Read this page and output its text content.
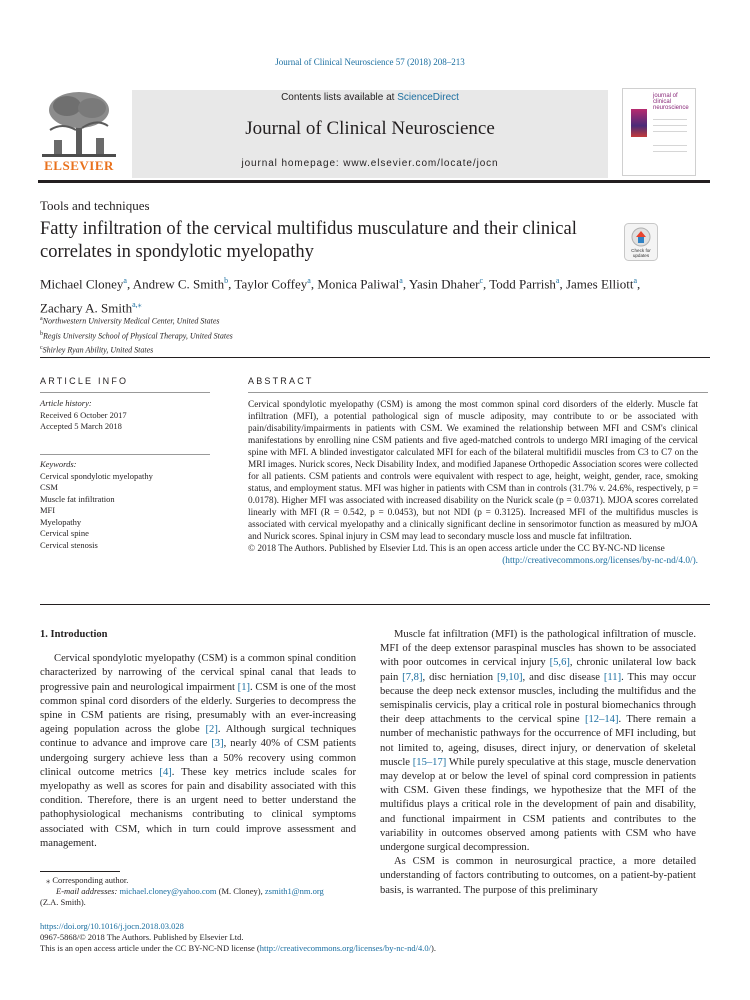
Journal of Clinical Neuroscience 57 (2018) 208–213
ELSEVIER
Contents lists available at ScienceDirect
Journal of Clinical Neuroscience
journal homepage: www.elsevier.com/locate/jocn
journal of
clinical
neuroscience
Tools and techniques
Fatty infiltration of the cervical multifidus musculature and their clinical correlates in spondylotic myelopathy	Check for
updates
Michael Cloney$^a$, Andrew C. Smith$^b$, Taylor Coffey$^a$, Monica Paliwal$^a$, Yasin Dhaher$^c$, Todd Parrish$^a$, James Elliott$^a$, Zachary A. Smith$^{a,⁎}$
$^a$Northwestern University Medical Center, United States
$^b$Regis University School of Physical Therapy, United States
$^c$Shirley Ryan Ability, United States
ARTICLE INFO
Article history:
Received 6 October 2017
Accepted 5 March 2018
Keywords:
Cervical spondylotic myelopathy
CSM
Muscle fat infiltration
MFI
Myelopathy
Cervical spine
Cervical stenosis
ABSTRACT
Cervical spondylotic myelopathy (CSM) is among the most common spinal cord disorders of the elderly. Muscle fat infiltration (MFI), a potential pathological sign of muscle adiposity, may contribute to or be associated with pain/disability/impairments in patients with CSM. We examined the relationship between MFI and CSM's clinical manifestations by enrolling nine CSM patients and five aged-matched controls to undergo MRI imaging of the cervical spine with MFI. A blinded investigator calculated MFI for each of the bilateral multifidii muscles from C3 to C7 on the MRI images. Nurick scores, Neck Disability Index, and modified Japanese Orthopedic Association scores were collected for all patients. CSM patients and controls were equivalent with respect to age, height, weight, gender, race, smoking status, and employment status. MFI was higher in patients with CSM than in controls (31.7% v. 24.6%, respectively, p = 0.0178). Higher MFI was associated with increased disability on the Nurick scale (p = 0.0371). MJOA scores correlated linearly with MFI (R = 0.542, p = 0.0453), but not NDI (p = 0.3125). Increased MFI of the multifidus muscles is associated with cervical myelopathy and a clinically significant decline in sensorimotor function as measured by mJOA and Nurick scores. Spinal injury in CSM may lead to secondary muscle loss and muscle fat infiltration.
© 2018 The Authors. Published by Elsevier Ltd. This is an open access article under the CC BY-NC-ND license
(http://creativecommons.org/licenses/by-nc-nd/4.0/).

1. Introduction

Cervical spondylotic myelopathy (CSM) is a common spinal condition characterized by narrowing of the cervical spinal canal that leads to progressive pain and neurological impairment [1]. CSM is one of the most common spinal cord disorders of the elderly. Surgeries to decompress the spine in CSM patients are rising, presumably with an ever-increasing ageing population across the globe [2]. Although surgical techniques continue to advance and improve care [3], nearly 40% of CSM patients undergoing surgery achieve less than a 50% recovery using common clinical outcome metrics [4]. These key metrics include scales for myelopathy as well as scores for pain and disability associated with this condition. Therefore, there is an urgent need to better understand the pathophysiological mechanisms contributing to clinical symptoms associated with CSM, which in turn could improve assessment and management.

Muscle fat infiltration (MFI) is the pathological infiltration of muscle. MFI of the deep extensor paraspinal muscles has shown to be associated with poor outcomes in cervical injury [5,6], chronic unilateral low back pain [7,8], disc herniation [9,10], and disc disease [11]. This may occur because the deep neck extensor muscles, including the multifidus and the semispinalis cervicis, play a critical role in postural biomechanics through their deep attachments to the cervical spine [12–14]. There remain a number of mechanistic pathways for the occurrence of MFI including, but not limited to, ageing, disuses, direct injury, or denervation of skeletal muscle [15–17] While purely speculative at this stage, muscle denervation may develop at or below the level of spinal cord compression in patients with CSM. Given these findings, we hypothesize that the MFI of the multifidus plays a critical role in the development of pain and disability, and functional impairment in CSM patients and contributes to the variability in outcomes observed among patients with CSM who have undergone surgical decompression.

As CSM is common in neurosurgical practice, a more detailed understanding of factors contributing to outcomes, on a patient-by-patient basis, is warranted. The purpose of this preliminary

⁎ Corresponding author.
E-mail addresses: michael.cloney@yahoo.com (M. Cloney), zsmith1@nm.org
(Z.A. Smith).
https://doi.org/10.1016/j.jocn.2018.03.028
0967-5868/© 2018 The Authors. Published by Elsevier Ltd.
This is an open access article under the CC BY-NC-ND license (http://creativecommons.org/licenses/by-nc-nd/4.0/).
